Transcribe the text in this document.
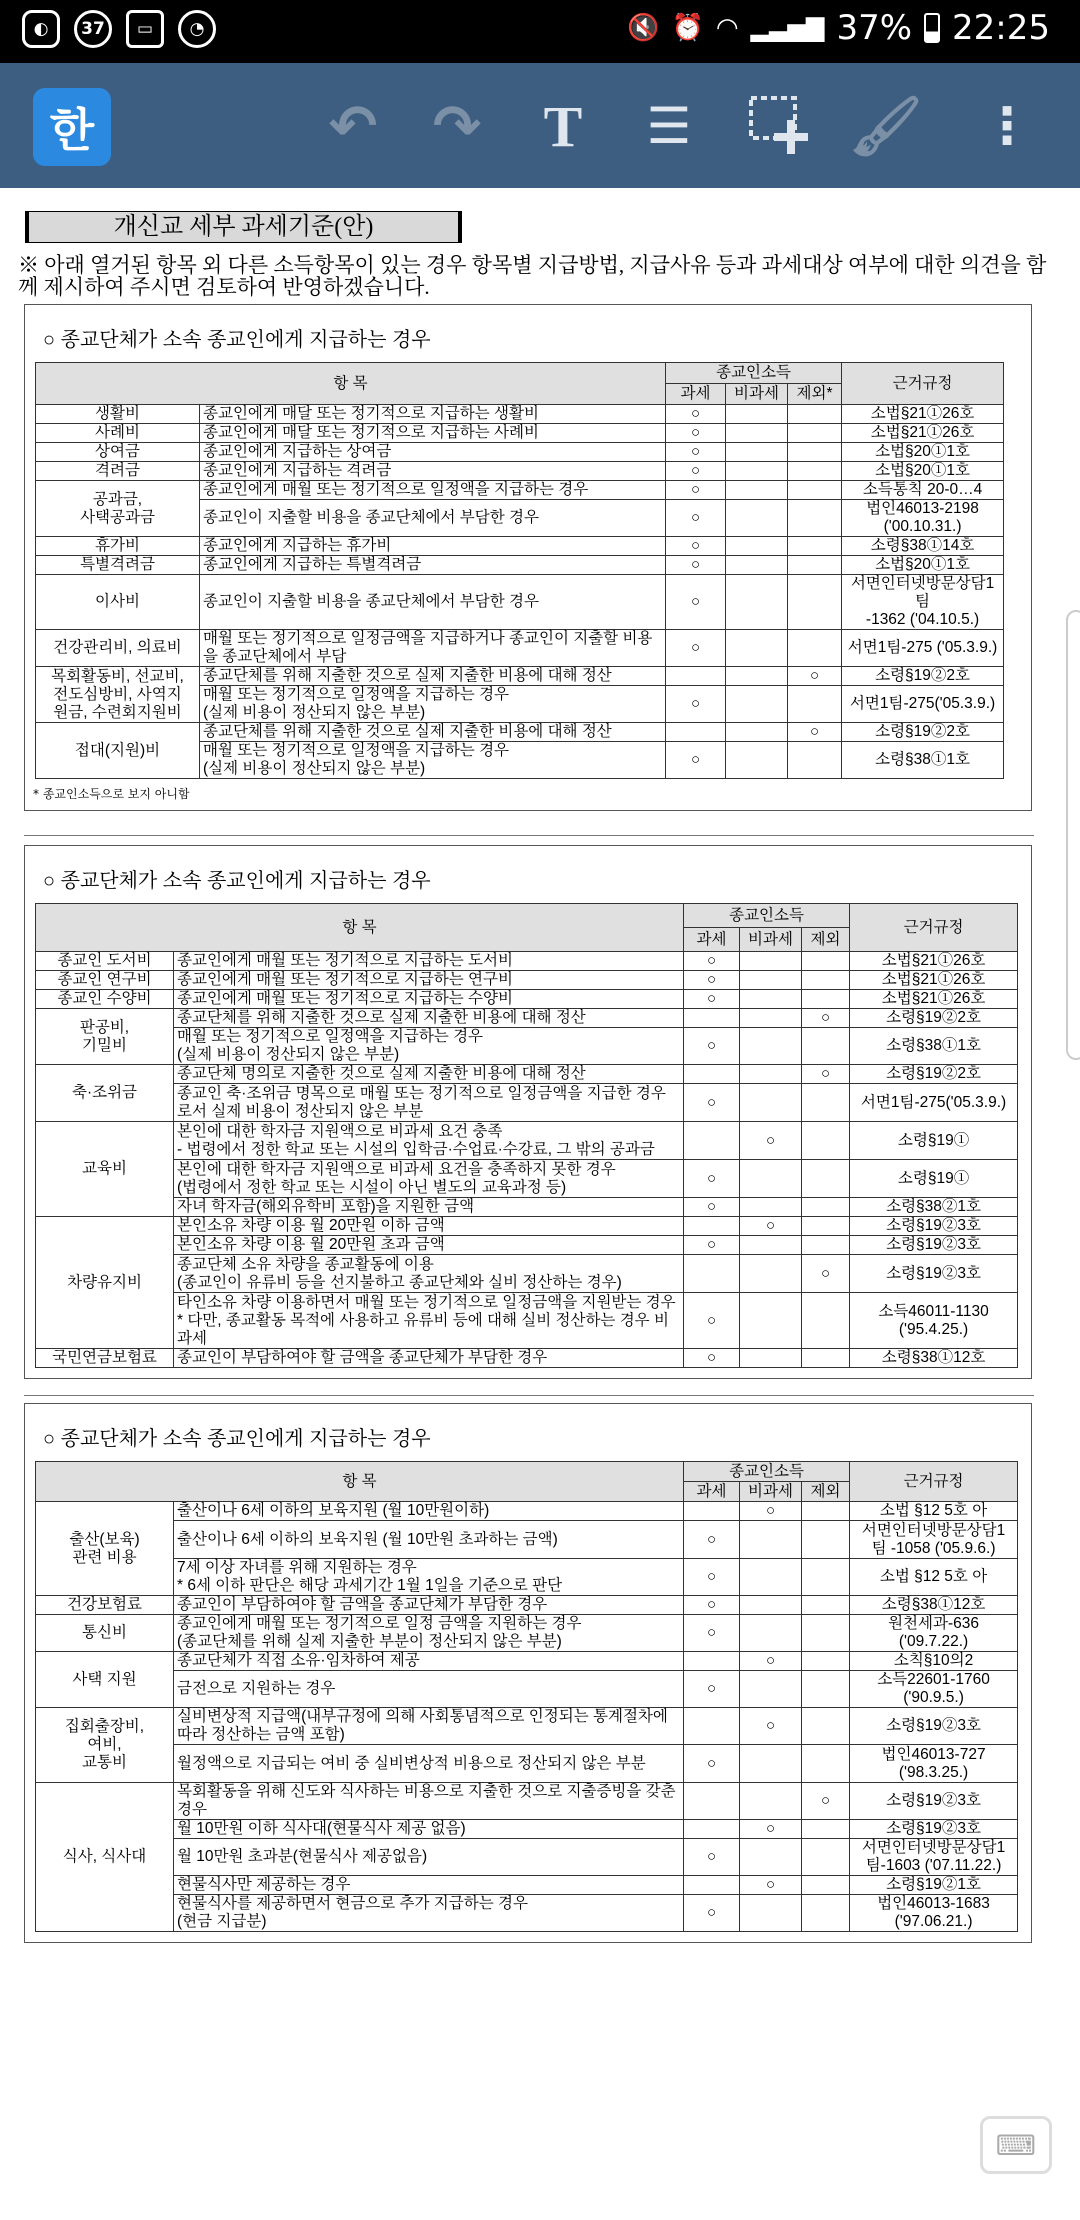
◐	37	▭	◔	🔇 ⏰ ◠ ▂▃▅▇ 37% 22:25
한	↶ ↷ T	☰	🖌 ⋮
개신교 세부 과세기준(안)
※ 아래 열거된 항목 외 다른 소득항목이 있는 경우 항목별 지급방법, 지급사유 등과 과세대상 여부에 대한 의견을 함께 제시하여 주시면 검토하여 반영하겠습니다.
○ 종교단체가 소속 종교인에게 지급하는 경우
항 목		종교인소득			근거규정
		과세	비과세	제외*	
생활비	종교인에게 매달 또는 정기적으로 지급하는 생활비	○			소법§21①26호
사례비	종교인에게 매달 또는 정기적으로 지급하는 사례비	○			소법§21①26호
상여금	종교인에게 지급하는 상여금	○			소법§20①1호
격려금	종교인에게 지급하는 격려금	○			소법§20①1호
공과금,
사택공과금	종교인에게 매월 또는 정기적으로 일정액을 지급하는 경우	○			소득통칙 20-0…4
	종교인이 지출할 비용을 종교단체에서 부담한 경우	○			법인46013-2198
('00.10.31.)
휴가비	종교인에게 지급하는 휴가비	○			소령§38①14호
특별격려금	종교인에게 지급하는 특별격려금	○			소법§20①1호
이사비	종교인이 지출할 비용을 종교단체에서 부담한 경우	○			서면인터넷방문상담1팀
-1362 ('04.10.5.)
건강관리비, 의료비	매월 또는 정기적으로 일정금액을 지급하거나 종교인이 지출할 비용을 종교단체에서 부담	○			서면1팀-275 ('05.3.9.)
목회활동비, 선교비,
전도심방비, 사역지
원금, 수련회지원비	종교단체를 위해 지출한 것으로 실제 지출한 비용에 대해 정산			○	소령§19②2호
	매월 또는 정기적으로 일정액을 지급하는 경우
(실제 비용이 정산되지 않은 부분)	○			서면1팀-275('05.3.9.)
접대(지원)비	종교단체를 위해 지출한 것으로 실제 지출한 비용에 대해 정산			○	소령§19②2호
	매월 또는 정기적으로 일정액을 지급하는 경우
(실제 비용이 정산되지 않은 부분)	○			소령§38①1호
* 종교인소득으로 보지 아니함
○ 종교단체가 소속 종교인에게 지급하는 경우
항 목		종교인소득			근거규정
		과세	비과세	제외	
종교인 도서비	종교인에게 매월 또는 정기적으로 지급하는 도서비	○			소법§21①26호
종교인 연구비	종교인에게 매월 또는 정기적으로 지급하는 연구비	○			소법§21①26호
종교인 수양비	종교인에게 매월 또는 정기적으로 지급하는 수양비	○			소법§21①26호
판공비,
기밀비	종교단체를 위해 지출한 것으로 실제 지출한 비용에 대해 정산			○	소령§19②2호
	매월 또는 정기적으로 일정액을 지급하는 경우
(실제 비용이 정산되지 않은 부분)	○			소령§38①1호
축·조위금	종교단체 명의로 지출한 것으로 실제 지출한 비용에 대해 정산			○	소령§19②2호
	종교인 축·조위금 명목으로 매월 또는 정기적으로 일정금액을 지급한 경우로서 실제 비용이 정산되지 않은 부분	○			서면1팀-275('05.3.9.)
교육비	본인에 대한 학자금 지원액으로 비과세 요건 충족
- 법령에서 정한 학교 또는 시설의 입학금·수업료·수강료, 그 밖의 공과금		○		소령§19①
	본인에 대한 학자금 지원액으로 비과세 요건을 충족하지 못한 경우
(법령에서 정한 학교 또는 시설이 아닌 별도의 교육과정 등)	○			소령§19①
	자녀 학자금(해외유학비 포함)을 지원한 금액	○			소령§38②1호
차량유지비	본인소유 차량 이용 월 20만원 이하 금액		○		소령§19②3호
	본인소유 차량 이용 월 20만원 초과 금액	○			소령§19②3호
	종교단체 소유 차량을 종교활동에 이용
(종교인이 유류비 등을 선지불하고 종교단체와 실비 정산하는 경우)			○	소령§19②3호
	타인소유 차량 이용하면서 매월 또는 정기적으로 일정금액을 지원받는 경우
* 다만, 종교활동 목적에 사용하고 유류비 등에 대해 실비 정산하는 경우 비과세	○			소득46011-1130
('95.4.25.)
국민연금보험료	종교인이 부담하여야 할 금액을 종교단체가 부담한 경우	○			소령§38①12호
○ 종교단체가 소속 종교인에게 지급하는 경우
항 목		종교인소득			근거규정
		과세	비과세	제외	
출산(보육)
관련 비용	출산이나 6세 이하의 보육지원 (월 10만원이하)		○		소법 §12 5호 아
	출산이나 6세 이하의 보육지원 (월 10만원 초과하는 금액)	○			서면인터넷방문상담1
팀 -1058 ('05.9.6.)
	7세 이상 자녀를 위해 지원하는 경우
* 6세 이하 판단은 해당 과세기간 1월 1일을 기준으로 판단	○			소법 §12 5호 아
건강보험료	종교인이 부담하여야 할 금액을 종교단체가 부담한 경우	○			소령§38①12호
통신비	종교인에게 매월 또는 정기적으로 일정 금액을 지원하는 경우
(종교단체를 위해 실제 지출한 부분이 정산되지 않은 부분)	○			원천세과-636
('09.7.22.)
사택 지원	종교단체가 직접 소유·임차하여 제공		○		소칙§10의2
	금전으로 지원하는 경우	○			소득22601-1760
('90.9.5.)
집회출장비,
여비,
교통비	실비변상적 지급액(내부규정에 의해 사회통념적으로 인정되는 통계절차에 따라 정산하는 금액 포함)		○		소령§19②3호
	월정액으로 지급되는 여비 중 실비변상적 비용으로 정산되지 않은 부분	○			법인46013-727
('98.3.25.)
식사, 식사대	목회활동을 위해 신도와 식사하는 비용으로 지출한 것으로 지출증빙을 갖춘 경우			○	소령§19②3호
	월 10만원 이하 식사대(현물식사 제공 없음)		○		소령§19②3호
	월 10만원 초과분(현물식사 제공없음)	○			서면인터넷방문상담1
팀-1603 ('07.11.22.)
	현물식사만 제공하는 경우		○		소령§19②1호
	현물식사를 제공하면서 현금으로 추가 지급하는 경우
(현금 지급분)	○			법인46013-1683
('97.06.21.)
⌨
